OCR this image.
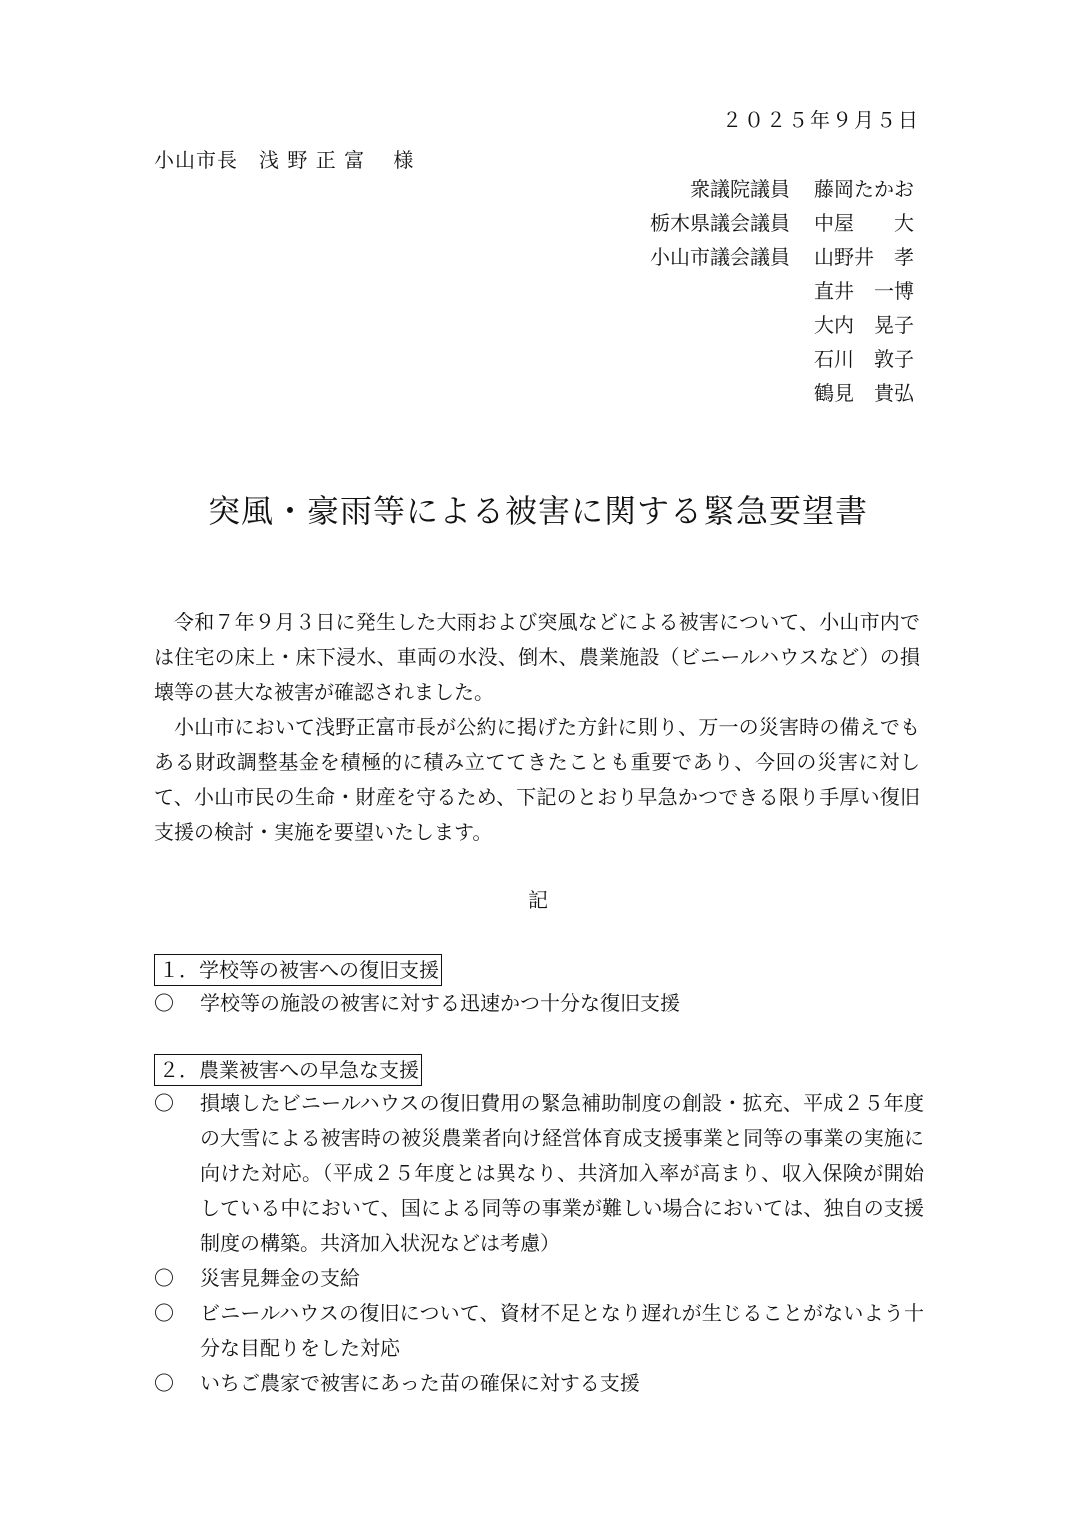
２０２５年９月５日
小山市長　浅 野 正 富　 様
衆議院議員	藤岡たかお
栃木県議会議員	中屋　　大
小山市議会議員	山野井　孝
直井　一博
大内　晃子
石川　敦子
鶴見　貴弘
突風・豪雨等による被害に関する緊急要望書

令和７年９月３日に発生した大雨および突風などによる被害について、小山市内では住宅の床上・床下浸水、車両の水没、倒木、農業施設（ビニールハウスなど）の損壊等の甚大な被害が確認されました。

小山市において浅野正富市長が公約に掲げた方針に則り、万一の災害時の備えでもある財政調整基金を積極的に積み立ててきたことも重要であり、今回の災害に対して、小山市民の生命・財産を守るため、下記のとおり早急かつできる限り手厚い復旧支援の検討・実施を要望いたします。

記
１．学校等の被害への復旧支援
〇	学校等の施設の被害に対する迅速かつ十分な復旧支援
２．農業被害への早急な支援
〇	損壊したビニールハウスの復旧費用の緊急補助制度の創設・拡充、平成２５年度の大雪による被害時の被災農業者向け経営体育成支援事業と同等の事業の実施に向けた対応。（平成２５年度とは異なり、共済加入率が高まり、収入保険が開始している中において、国による同等の事業が難しい場合においては、独自の支援制度の構築。共済加入状況などは考慮）
〇	災害見舞金の支給
〇	ビニールハウスの復旧について、資材不足となり遅れが生じることがないよう十分な目配りをした対応
〇	いちご農家で被害にあった苗の確保に対する支援
